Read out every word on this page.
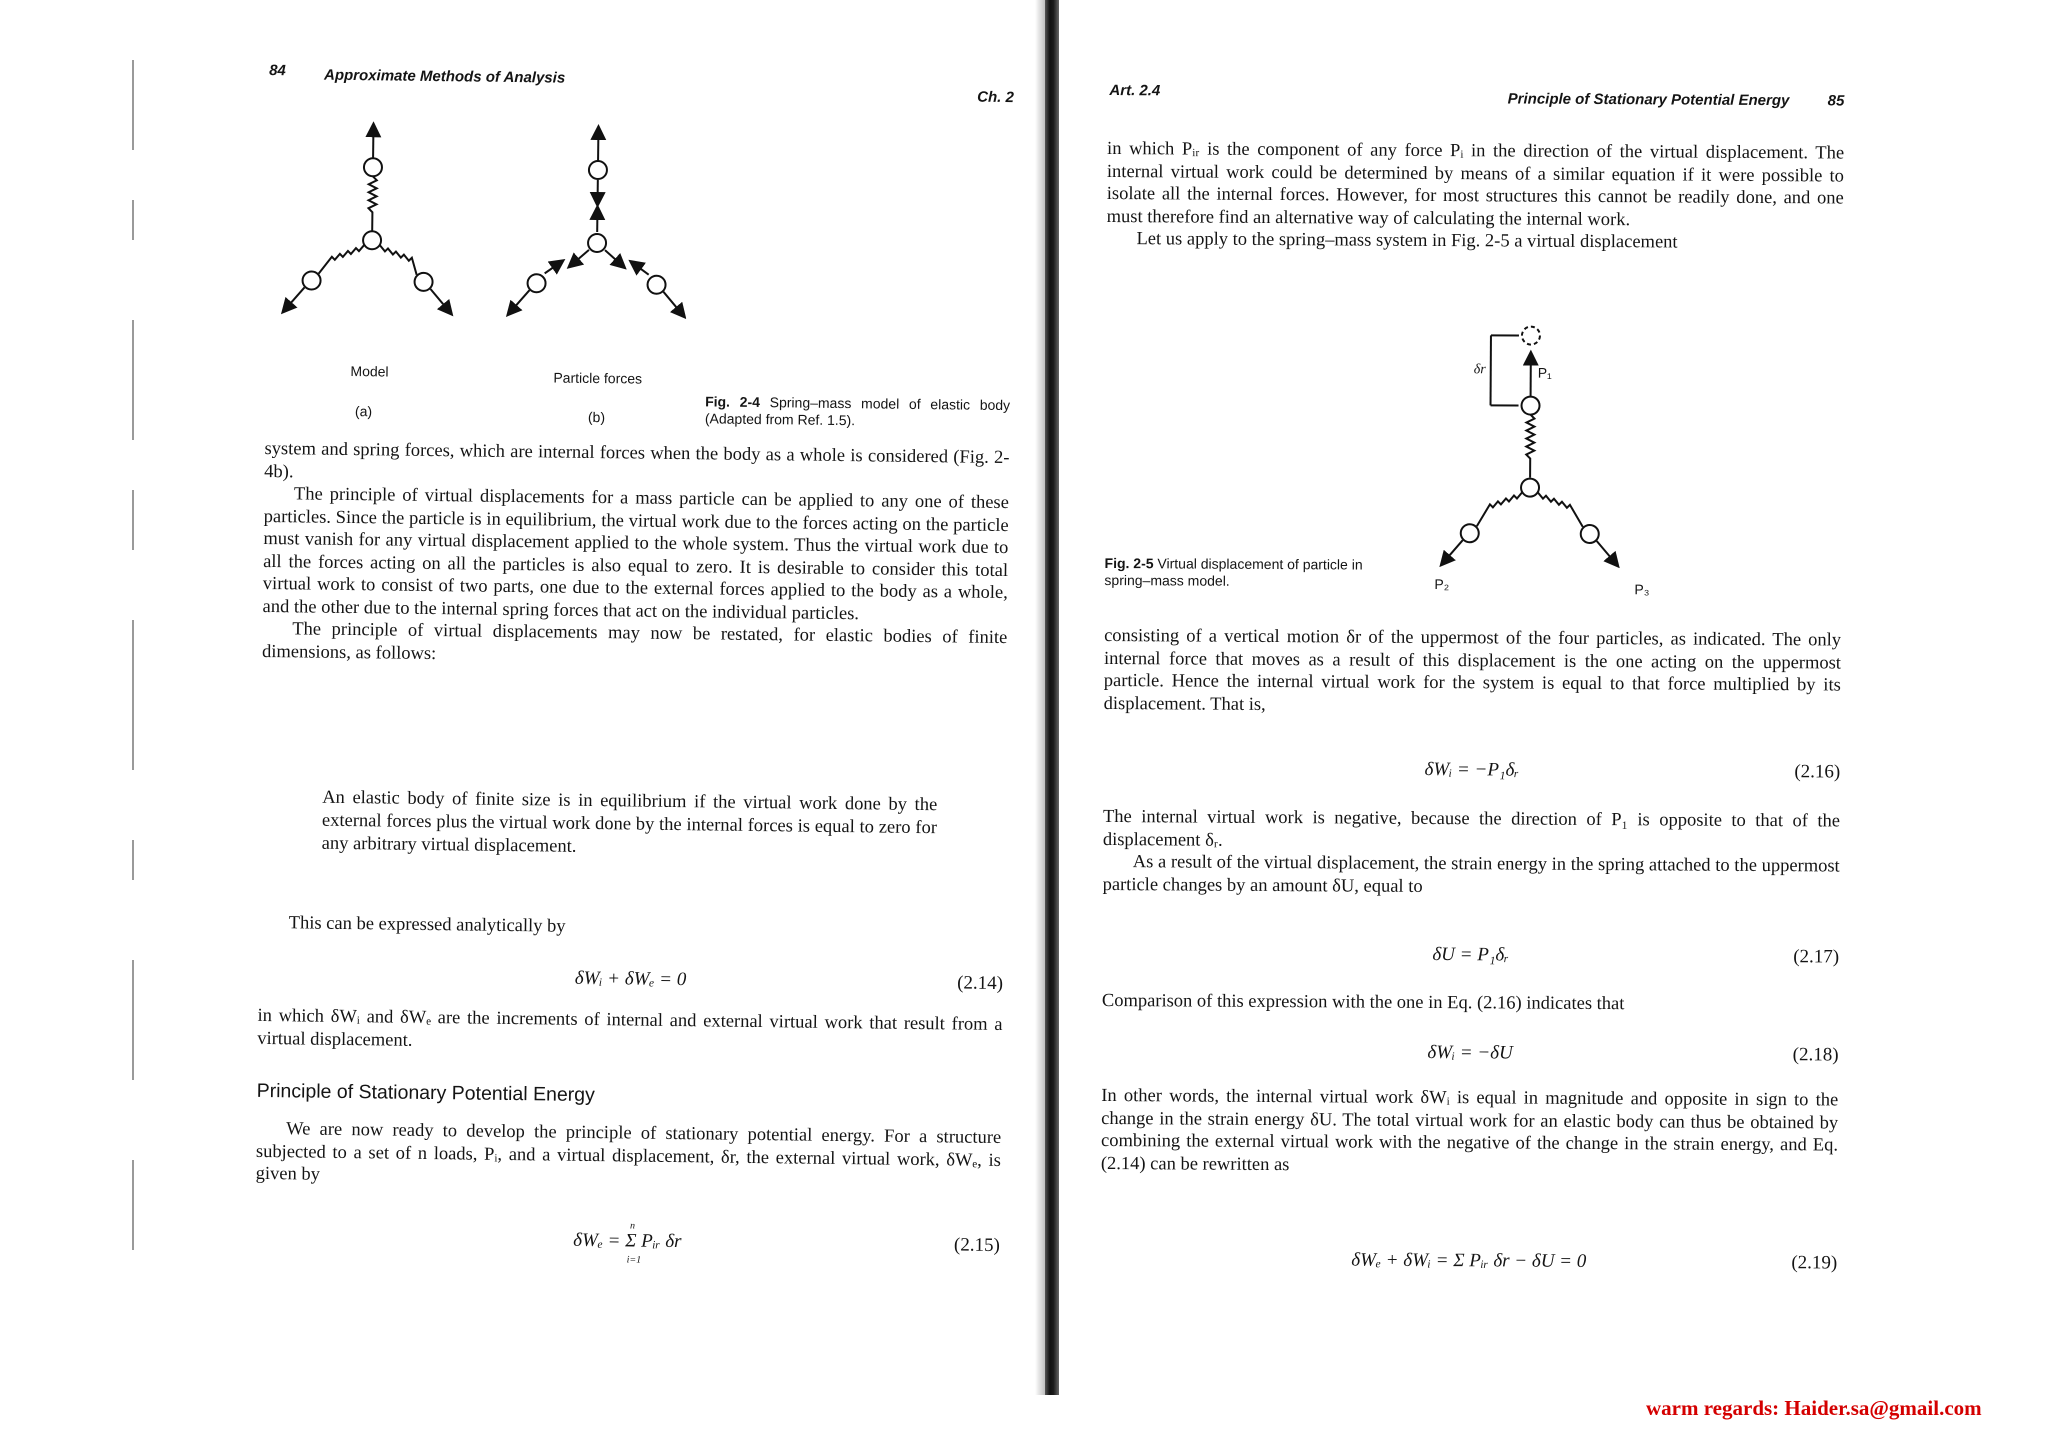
84	Approximate Methods of Analysis
Ch. 2
Model
(a)
Particle forces
(b)
Fig. 2-4 Spring–mass model of elastic body (Adapted from Ref. 1.5).

system and spring forces, which are internal forces when the body as a whole is considered (Fig. 2-4b).

The principle of virtual displacements for a mass particle can be applied to any one of these particles. Since the particle is in equilibrium, the virtual work due to the forces acting on the particle must vanish for any virtual displacement applied to the whole system. Thus the virtual work due to all the forces acting on all the particles is also equal to zero. It is desirable to consider this total virtual work to consist of two parts, one due to the external forces applied to the body as a whole, and the other due to the internal spring forces that act on the individual particles.

The principle of virtual displacements may now be restated, for elastic bodies of finite dimensions, as follows:

An elastic body of finite size is in equilibrium if the virtual work done by the external forces plus the virtual work done by the internal forces is equal to zero for any arbitrary virtual displacement.

This can be expressed analytically by

δWᵢ + δWₑ = 0	(2.14)

in which δWᵢ and δWₑ are the increments of internal and external virtual work that result from a virtual displacement.

Principle of Stationary Potential Energy

We are now ready to develop the principle of stationary potential energy. For a structure subjected to a set of n loads, Pᵢ, and a virtual displacement, δr, the external virtual work, δWₑ, is given by

δWₑ = Σ Pᵢᵣ δr
n
i=1
(2.15)
Art. 2.4	Principle of Stationary Potential Energy	85

in which Pᵢᵣ is the component of any force Pᵢ in the direction of the virtual displacement. The internal virtual work could be determined by means of a similar equation if it were possible to isolate all the internal forces. However, for most structures this cannot be readily done, and one must therefore find an alternative way of calculating the internal work.

Let us apply to the spring–mass system in Fig. 2-5 a virtual displacement

δr	P₁
P₂	P₃
Fig. 2-5 Virtual displacement of particle in spring–mass model.

consisting of a vertical motion δr of the uppermost of the four particles, as indicated. The only internal force that moves as a result of this displacement is the one acting on the uppermost particle. Hence the internal virtual work for the system is equal to that force multiplied by its displacement. That is,

δWᵢ = −P₁δᵣ	(2.16)

The internal virtual work is negative, because the direction of P₁ is opposite to that of the displacement δᵣ.

As a result of the virtual displacement, the strain energy in the spring attached to the uppermost particle changes by an amount δU, equal to

δU = P₁δᵣ	(2.17)

Comparison of this expression with the one in Eq. (2.16) indicates that

δWᵢ = −δU	(2.18)

In other words, the internal virtual work δWᵢ is equal in magnitude and opposite in sign to the change in the strain energy δU. The total virtual work for an elastic body can thus be obtained by combining the external virtual work with the negative of the change in the strain energy, and Eq. (2.14) can be rewritten as

δWₑ + δWᵢ = Σ Pᵢᵣ δr − δU = 0	(2.19)
warm regards: Haider.sa@gmail.com
